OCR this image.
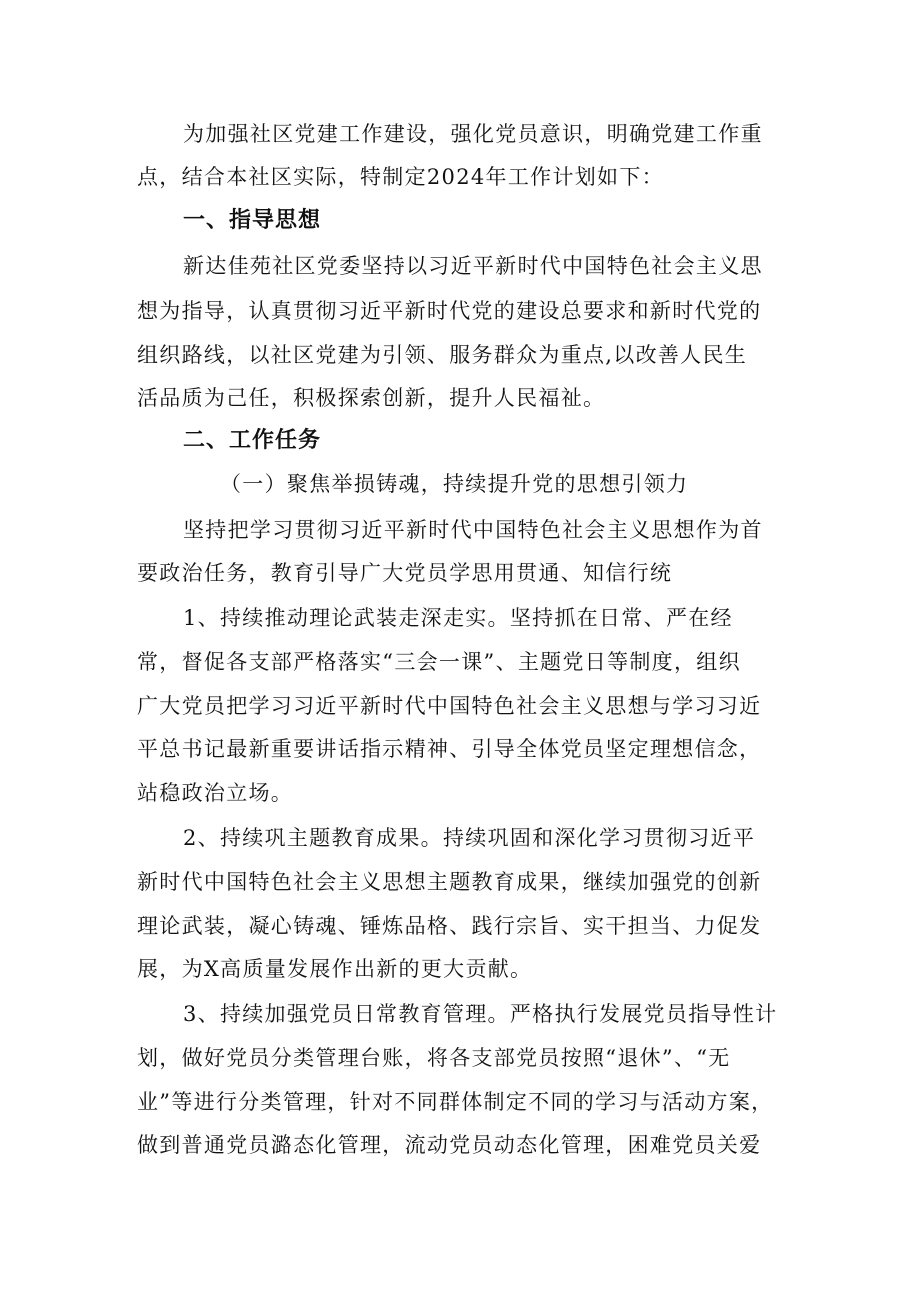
为加强社区党建工作建设，强化党员意识，明确党建工作重
点，结合本社区实际，特制定2024年工作计划如下：
一、指导思想
新达佳苑社区党委坚持以习近平新时代中国特色社会主义思
想为指导，认真贯彻习近平新时代党的建设总要求和新时代党的
组织路线，以社区党建为引领、服务群众为重点,以改善人民生
活品质为己任，积极探索创新，提升人民福祉。
二、工作任务
（一）聚焦举损铸魂，持续提升党的思想引领力
坚持把学习贯彻习近平新时代中国特色社会主义思想作为首
要政治任务，教育引导广大党员学思用贯通、知信行统
1、持续推动理论武装走深走实。坚持抓在日常、严在经
常，督促各支部严格落实“三会一课”、主题党日等制度，组织
广大党员把学习习近平新时代中国特色社会主义思想与学习习近
平总书记最新重要讲话指示精神、引导全体党员坚定理想信念，
站稳政治立场。
2、持续巩主题教育成果。持续巩固和深化学习贯彻习近平
新时代中国特色社会主义思想主题教育成果，继续加强党的创新
理论武装，凝心铸魂、锤炼品格、践行宗旨、实干担当、力促发
展，为X高质量发展作出新的更大贡献。
3、持续加强党员日常教育管理。严格执行发展党员指导性计
划，做好党员分类管理台账，将各支部党员按照“退休”、“无
业”等进行分类管理，针对不同群体制定不同的学习与活动方案，
做到普通党员潞态化管理，流动党员动态化管理，困难党员关爱
